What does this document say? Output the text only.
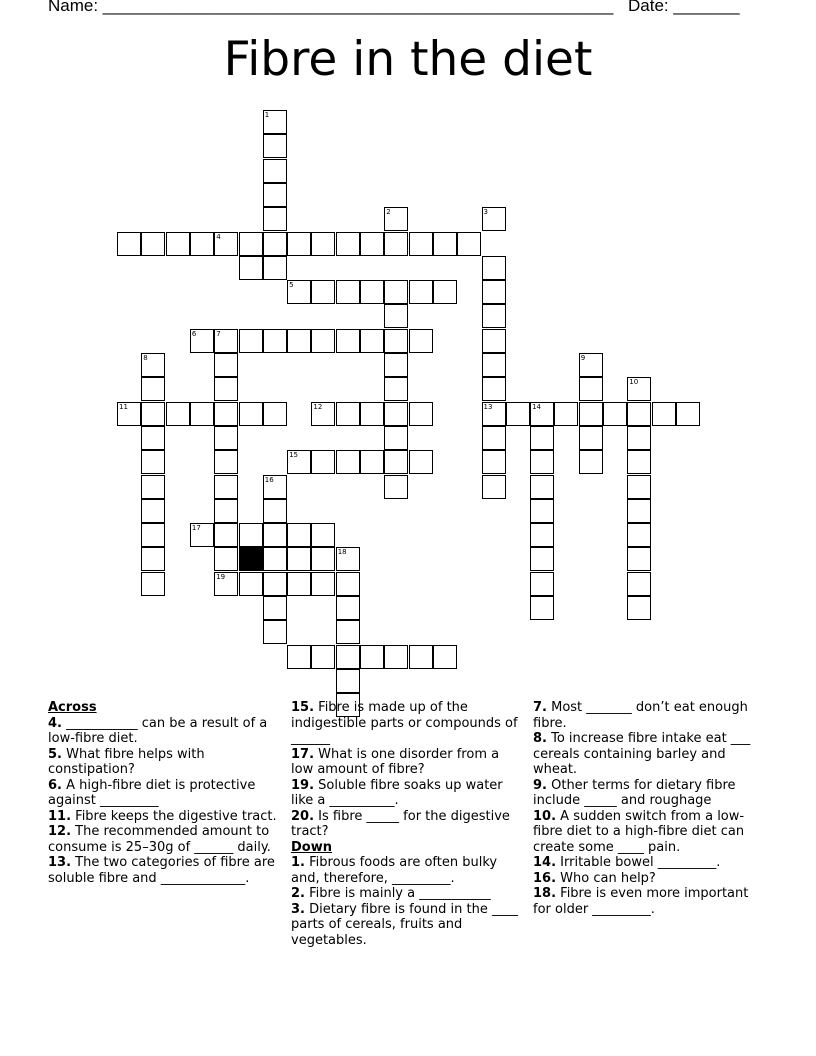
Name: ______________________________________________________ Date: _______
Fibre in the diet
1
4
5
2	3
13
6	7
19
8
11	12	14
9
10
15
16
17
18
Across
4. ___________ can be a result of a low-fibre diet.
5. What fibre helps with constipation?
6. A high-fibre diet is protective against _________
11. Fibre keeps the digestive tract.
12. The recommended amount to consume is 25–30g of ______ daily.
13. The two categories of fibre are soluble fibre and _____________.
15. Fibre is made up of the indigestible parts or compounds of ______
17. What is one disorder from a low amount of fibre?
19. Soluble fibre soaks up water like a __________.
20. Is fibre _____ for the digestive tract?
Down
1. Fibrous foods are often bulky and, therefore, _________.
2. Fibre is mainly a ___________
3. Dietary fibre is found in the ____ parts of cereals, fruits and vegetables.
7. Most _______ don’t eat enough fibre.
8. To increase fibre intake eat ___ cereals containing barley and wheat.
9. Other terms for dietary fibre include _____ and roughage
10. A sudden switch from a low-fibre diet to a high-fibre diet can create some ____ pain.
14. Irritable bowel _________.
16. Who can help?
18. Fibre is even more important for older _________.
